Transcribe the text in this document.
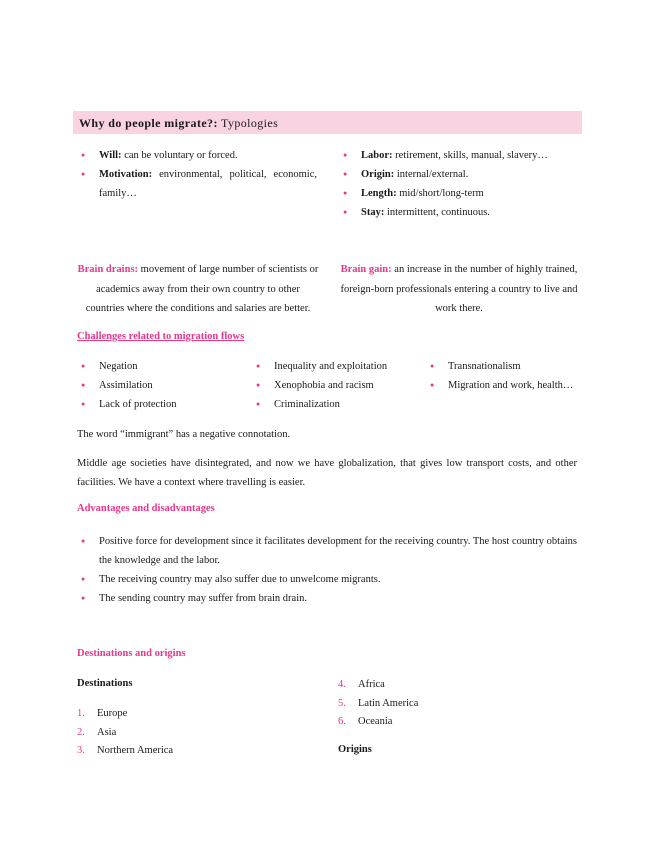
Why do people migrate?: Typologies
● Will: can be voluntary or forced.
● Motivation: environmental, political, economic, family…
● Labor: retirement, skills, manual, slavery…
● Origin: internal/external.
● Length: mid/short/long-term
● Stay: intermittent, continuous.
Brain drains: movement of large number of scientists or academics away from their own country to other countries where the conditions and salaries are better.
Brain gain: an increase in the number of highly trained, foreign-born professionals entering a country to live and work there.
Challenges related to migration flows
● Negation
● Assimilation
● Lack of protection
● Inequality and exploitation
● Xenophobia and racism
● Criminalization
● Transnationalism
● Migration and work, health…
The word “immigrant” has a negative connotation.
Middle age societies have disintegrated, and now we have globalization, that gives low transport costs, and other facilities. We have a context where travelling is easier.
Advantages and disadvantages
● Positive force for development since it facilitates development for the receiving country. The host country obtains the knowledge and the labor.
● The receiving country may also suffer due to unwelcome migrants.
● The sending country may suffer from brain drain.
Destinations and origins
Destinations
1. Europe
2. Asia
3. Northern America
4. Africa
5. Latin America
6. Oceania
Origins
